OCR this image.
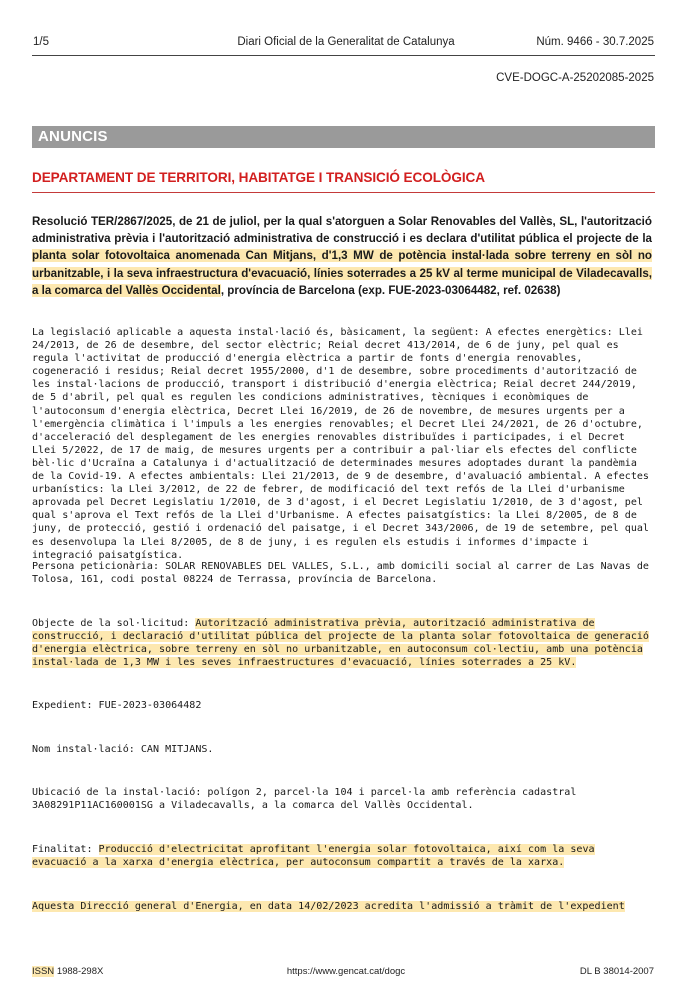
1/5	Diari Oficial de la Generalitat de Catalunya	Núm. 9466 - 30.7.2025
CVE-DOGC-A-25202085-2025
ANUNCIS
DEPARTAMENT DE TERRITORI, HABITATGE I TRANSICIÓ ECOLÒGICA
Resolució TER/2867/2025, de 21 de juliol, per la qual s'atorguen a Solar Renovables del Vallès, SL, l'autorització administrativa prèvia i l'autorització administrativa de construcció i es declara d'utilitat pública el projecte de la planta solar fotovoltaica anomenada Can Mitjans, d'1,3 MW de potència instal·lada sobre terreny en sòl no urbanitzable, i la seva infraestructura d'evacuació, línies soterrades a 25 kV al terme municipal de Viladecavalls, a la comarca del Vallès Occidental, província de Barcelona (exp. FUE-2023-03064482, ref. 02638)
La legislació aplicable a aquesta instal·lació és, bàsicament, la següent: A efectes energètics: Llei 24/2013, de 26 de desembre, del sector elèctric; Reial decret 413/2014, de 6 de juny, pel qual es regula l'activitat de producció d'energia elèctrica a partir de fonts d'energia renovables, cogeneració i residus; Reial decret 1955/2000, d'1 de desembre, sobre procediments d'autorització de les instal·lacions de producció, transport i distribució d'energia elèctrica; Reial decret 244/2019, de 5 d'abril, pel qual es regulen les condicions administratives, tècniques i econòmiques de l'autoconsum d'energia elèctrica, Decret Llei 16/2019, de 26 de novembre, de mesures urgents per a l'emergència climàtica i l'impuls a les energies renovables; el Decret Llei 24/2021, de 26 d'octubre, d'acceleració del desplegament de les energies renovables distribuïdes i participades, i el Decret Llei 5/2022, de 17 de maig, de mesures urgents per a contribuir a pal·liar els efectes del conflicte bèl·lic d'Ucraïna a Catalunya i d'actualització de determinades mesures adoptades durant la pandèmia de la Covid-19. A efectes ambientals: Llei 21/2013, de 9 de desembre, d'avaluació ambiental. A efectes urbanístics: la Llei 3/2012, de 22 de febrer, de modificació del text refós de la Llei d'urbanisme aprovada pel Decret Legislatiu 1/2010, de 3 d'agost, i el Decret Legislatiu 1/2010, de 3 d'agost, pel qual s'aprova el Text refós de la Llei d'Urbanisme. A efectes paisatgístics: la Llei 8/2005, de 8 de juny, de protecció, gestió i ordenació del paisatge, i el Decret 343/2006, de 19 de setembre, pel qual es desenvolupa la Llei 8/2005, de 8 de juny, i es regulen els estudis i informes d'impacte i integració paisatgística.
Persona peticionària: SOLAR RENOVABLES DEL VALLES, S.L., amb domicili social al carrer de Las Navas de Tolosa, 161, codi postal 08224 de Terrassa, província de Barcelona.
Objecte de la sol·licitud: Autorització administrativa prèvia, autorització administrativa de construcció, i declaració d'utilitat pública del projecte de la planta solar fotovoltaica de generació d'energia elèctrica, sobre terreny en sòl no urbanitzable, en autoconsum col·lectiu, amb una potència instal·lada de 1,3 MW i les seves infraestructures d'evacuació, línies soterrades a 25 kV.
Expedient: FUE-2023-03064482
Nom instal·lació: CAN MITJANS.
Ubicació de la instal·lació: polígon 2, parcel·la 104 i parcel·la amb referència cadastral 3A08291P11AC160001SG a Viladecavalls, a la comarca del Vallès Occidental.
Finalitat: Producció d'electricitat aprofitant l'energia solar fotovoltaica, així com la seva evacuació a la xarxa d'energia elèctrica, per autoconsum compartit a través de la xarxa.
Aquesta Direcció general d'Energia, en data 14/02/2023 acredita l'admissió a tràmit de l'expedient
ISSN 1988-298X	https://www.gencat.cat/dogc	DL B 38014-2007
